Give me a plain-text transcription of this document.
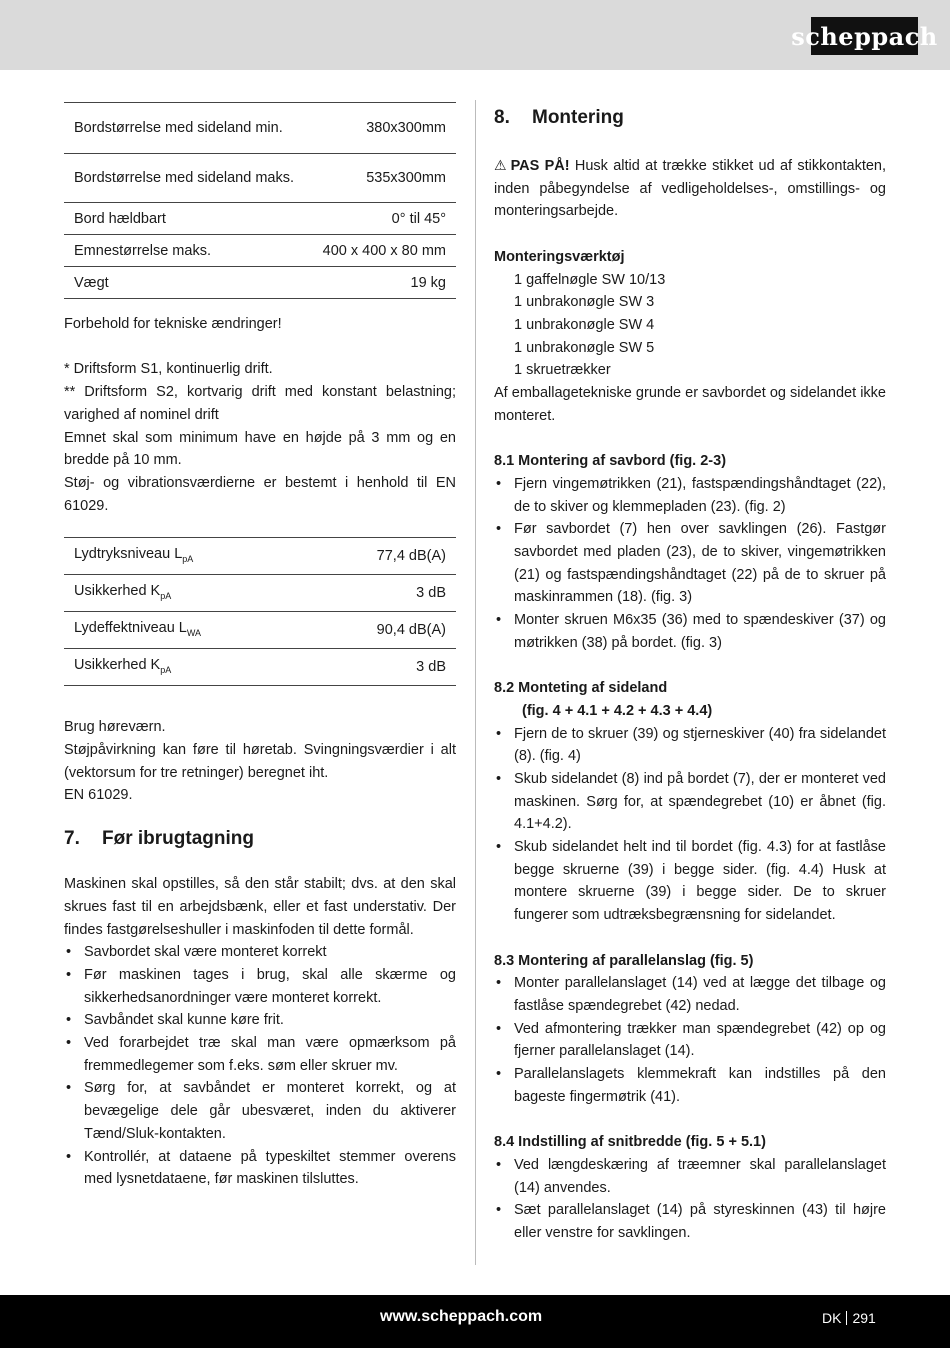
scheppach
Bordstørrelse med sideland min.	380x300mm
Bordstørrelse med sideland maks.	535x300mm
Bord hældbart	0° til 45°
Emnestørrelse maks.	400 x 400 x 80 mm
Vægt	19 kg

Forbehold for tekniske ændringer!

* Driftsform S1, kontinuerlig drift.

** Driftsform S2, kortvarig drift med konstant belastning; varighed af nominel drift

Emnet skal som minimum have en højde på 3 mm og en bredde på 10 mm.

Støj- og vibrationsværdierne er bestemt i henhold til EN 61029.

Lydtryksniveau $L_{pA}$	77,4 dB(A)
Usikkerhed $K_{pA}$	3 dB
Lydeffektniveau $L_{WA}$	90,4 dB(A)
Usikkerhed $K_{pA}$	3 dB

Brug høreværn.

Støjpåvirkning kan føre til høretab. Svingningsværdier i alt (vektorsum for tre retninger) beregnet iht.

EN 61029.

7. Før ibrugtagning

Maskinen skal opstilles, så den står stabilt; dvs. at den skal skrues fast til en arbejdsbænk, eller et fast understativ. Der findes fastgørelseshuller i maskinfoden til dette formål.

• Savbordet skal være monteret korrekt
• Før maskinen tages i brug, skal alle skærme og sikkerhedsanordninger være monteret korrekt.
• Savbåndet skal kunne køre frit.
• Ved forarbejdet træ skal man være opmærksom på fremmedlegemer som f.eks. søm eller skruer mv.
• Sørg for, at savbåndet er monteret korrekt, og at bevægelige dele går ubesværet, inden du aktiverer Tænd/Sluk-kontakten.
• Kontrollér, at dataene på typeskiltet stemmer overens med lysnetdataene, før maskinen tilsluttes.
8. Montering

⚠ PAS PÅ! Husk altid at trække stikket ud af stikkontakten, inden påbegyndelse af vedligeholdelses-, omstillings- og monteringsarbejde.

Monteringsværktøj

1 gaffelnøgle SW 10/13

1 unbrakonøgle SW 3

1 unbrakonøgle SW 4

1 unbrakonøgle SW 5

1 skruetrækker

Af emballagetekniske grunde er savbordet og sidelandet ikke monteret.

8.1 Montering af savbord (fig. 2-3)
• Fjern vingemøtrikken (21), fastspændingshåndtaget (22), de to skiver og klemmepladen (23). (fig. 2)
• Før savbordet (7) hen over savklingen (26). Fastgør savbordet med pladen (23), de to skiver, vingemøtrikken (21) og fastspændingshåndtaget (22) på de to skruer på maskinrammen (18). (fig. 3)
• Monter skruen M6x35 (36) med to spændeskiver (37) og møtrikken (38) på bordet. (fig. 3)
8.2 Monteting af sideland
(fig. 4 + 4.1 + 4.2 + 4.3 + 4.4)
• Fjern de to skruer (39) og stjerneskiver (40) fra sidelandet (8). (fig. 4)
• Skub sidelandet (8) ind på bordet (7), der er monteret ved maskinen. Sørg for, at spændegrebet (10) er åbnet (fig. 4.1+4.2).
• Skub sidelandet helt ind til bordet (fig. 4.3) for at fastlåse begge skruerne (39) i begge sider. (fig. 4.4) Husk at montere skruerne (39) i begge sider. De to skruer fungerer som udtræksbegrænsning for sidelandet.
8.3 Montering af parallelanslag (fig. 5)
• Monter parallelanslaget (14) ved at lægge det tilbage og fastlåse spændegrebet (42) nedad.
• Ved afmontering trækker man spændegrebet (42) op og fjerner parallelanslaget (14).
• Parallelanslagets klemmekraft kan indstilles på den bageste fingermøtrik (41).
8.4 Indstilling af snitbredde (fig. 5 + 5.1)
• Ved længdeskæring af træemner skal parallelanslaget (14) anvendes.
• Sæt parallelanslaget (14) på styreskinnen (43) til højre eller venstre for savklingen.
www.scheppach.com	DK 291
